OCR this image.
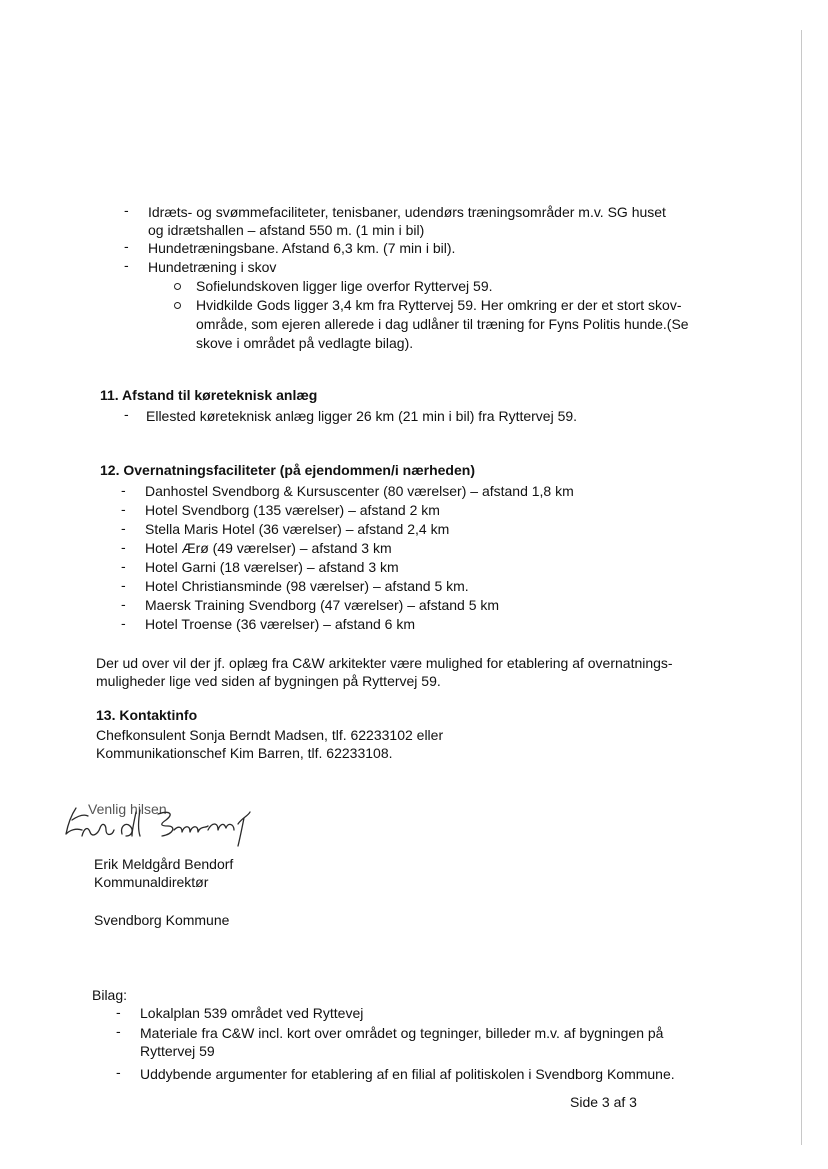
- Idræts- og svømmefaciliteter, tenisbaner, udendørs træningsområder m.v. SG huset
og idrætshallen – afstand 550 m. (1 min i bil)
- Hundetræningsbane. Afstand 6,3 km. (7 min i bil).
- Hundetræning i skov
Sofielundskoven ligger lige overfor Ryttervej 59.
Hvidkilde Gods ligger 3,4 km fra Ryttervej 59. Her omkring er der et stort skov-
område, som ejeren allerede i dag udlåner til træning for Fyns Politis hunde.(Se
skove i området på vedlagte bilag).
11. Afstand til køreteknisk anlæg
- Ellested køreteknisk anlæg ligger 26 km (21 min i bil) fra Ryttervej 59.
12. Overnatningsfaciliteter (på ejendommen/i nærheden)
- Danhostel Svendborg & Kursuscenter (80 værelser) – afstand 1,8 km
- Hotel Svendborg (135 værelser) – afstand 2 km
- Stella Maris Hotel (36 værelser) – afstand 2,4 km
- Hotel Ærø (49 værelser) – afstand 3 km
- Hotel Garni (18 værelser) – afstand 3 km
- Hotel Christiansminde (98 værelser) – afstand 5 km.
- Maersk Training Svendborg (47 værelser) – afstand 5 km
- Hotel Troense (36 værelser) – afstand 6 km
Der ud over vil der jf. oplæg fra C&W arkitekter være mulighed for etablering af overnatnings-
muligheder lige ved siden af bygningen på Ryttervej 59.
13. Kontaktinfo
Chefkonsulent Sonja Berndt Madsen, tlf. 62233102 eller
Kommunikationschef Kim Barren, tlf. 62233108.
Venlig hilsen
Erik Meldgård Bendorf
Kommunaldirektør
Svendborg Kommune
Bilag:
- Lokalplan 539 området ved Ryttevej
- Materiale fra C&W incl. kort over området og tegninger, billeder m.v. af bygningen på
Ryttervej 59
- Uddybende argumenter for etablering af en filial af politiskolen i Svendborg Kommune.
Side 3 af 3
